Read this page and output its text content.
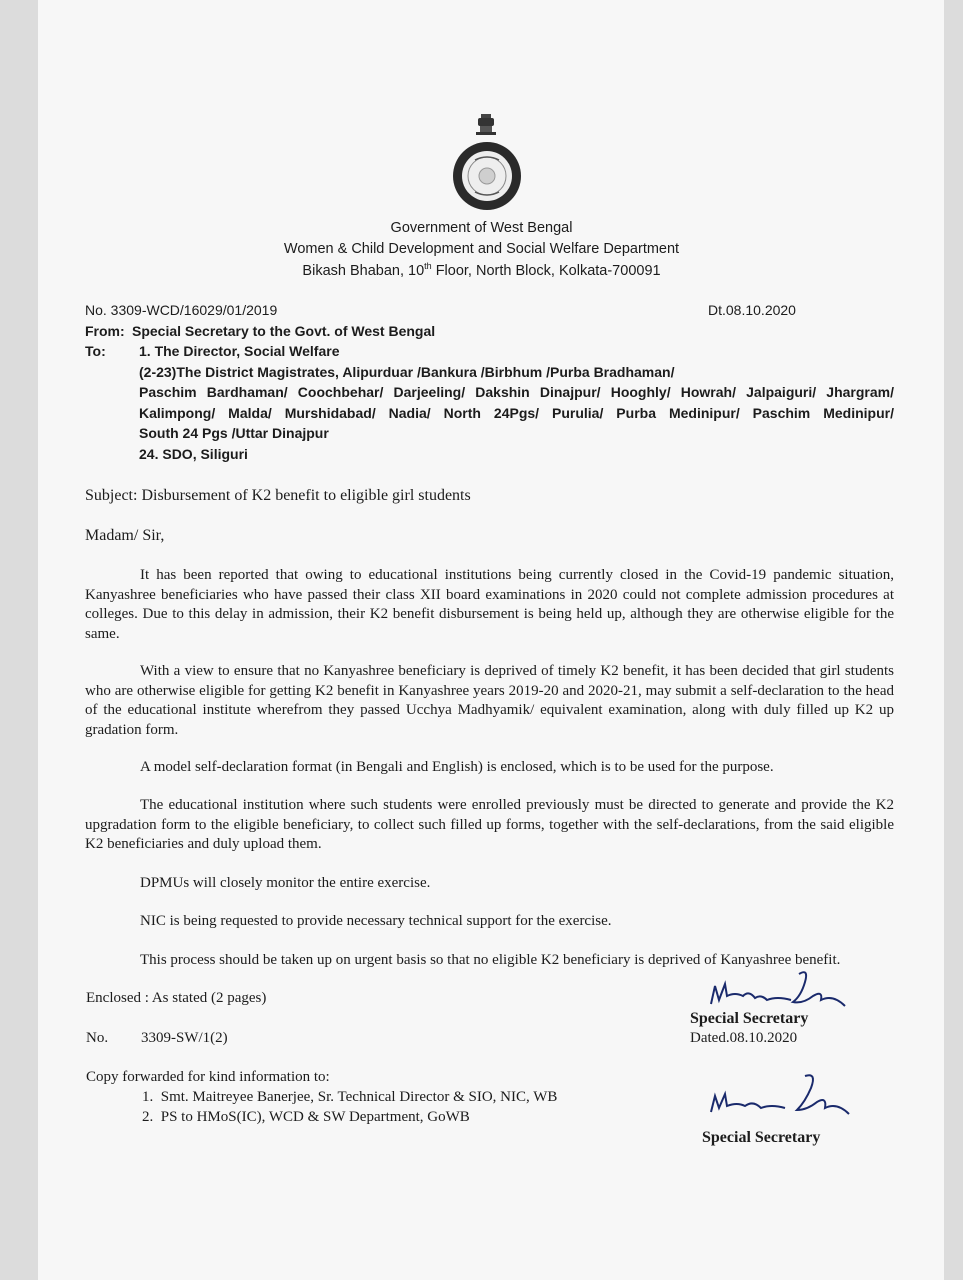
Government of West Bengal
Women & Child Development and Social Welfare Department
Bikash Bhaban, 10th Floor, North Block, Kolkata-700091
No. 3309-WCD/16029/01/2019	Dt.08.10.2020
From: Special Secretary to the Govt. of West Bengal
To: 1. The Director, Social Welfare
(2-23)The District Magistrates, Alipurduar /Bankura /Birbhum /Purba Bradhaman/
Paschim Bardhaman/ Coochbehar/ Darjeeling/ Dakshin Dinajpur/ Hooghly/ Howrah/ Jalpaiguri/ Jhargram/
Kalimpong/ Malda/ Murshidabad/ Nadia/ North 24Pgs/ Purulia/ Purba Medinipur/ Paschim Medinipur/
South 24 Pgs /Uttar Dinajpur
24. SDO, Siliguri
Subject: Disbursement of K2 benefit to eligible girl students
Madam/ Sir,
It has been reported that owing to educational institutions being currently closed in the Covid-19 pandemic situation, Kanyashree beneficiaries who have passed their class XII board examinations in 2020 could not complete admission procedures at colleges. Due to this delay in admission, their K2 benefit disbursement is being held up, although they are otherwise eligible for the same.
With a view to ensure that no Kanyashree beneficiary is deprived of timely K2 benefit, it has been decided that girl students who are otherwise eligible for getting K2 benefit in Kanyashree years 2019-20 and 2020-21, may submit a self-declaration to the head of the educational institute wherefrom they passed Ucchya Madhyamik/ equivalent examination, along with duly filled up K2 up gradation form.
A model self-declaration format (in Bengali and English) is enclosed, which is to be used for the purpose.
The educational institution where such students were enrolled previously must be directed to generate and provide the K2 upgradation form to the eligible beneficiary, to collect such filled up forms, together with the self-declarations, from the said eligible K2 beneficiaries and duly upload them.
DPMUs will closely monitor the entire exercise.
NIC is being requested to provide necessary technical support for the exercise.
This process should be taken up on urgent basis so that no eligible K2 beneficiary is deprived of Kanyashree benefit.
Enclosed : As stated (2 pages)
Special Secretary
Dated.08.10.2020
No. 3309-SW/1(2)
Copy forwarded for kind information to:
1. Smt. Maitreyee Banerjee, Sr. Technical Director & SIO, NIC, WB
2. PS to HMoS(IC), WCD & SW Department, GoWB
Special Secretary
